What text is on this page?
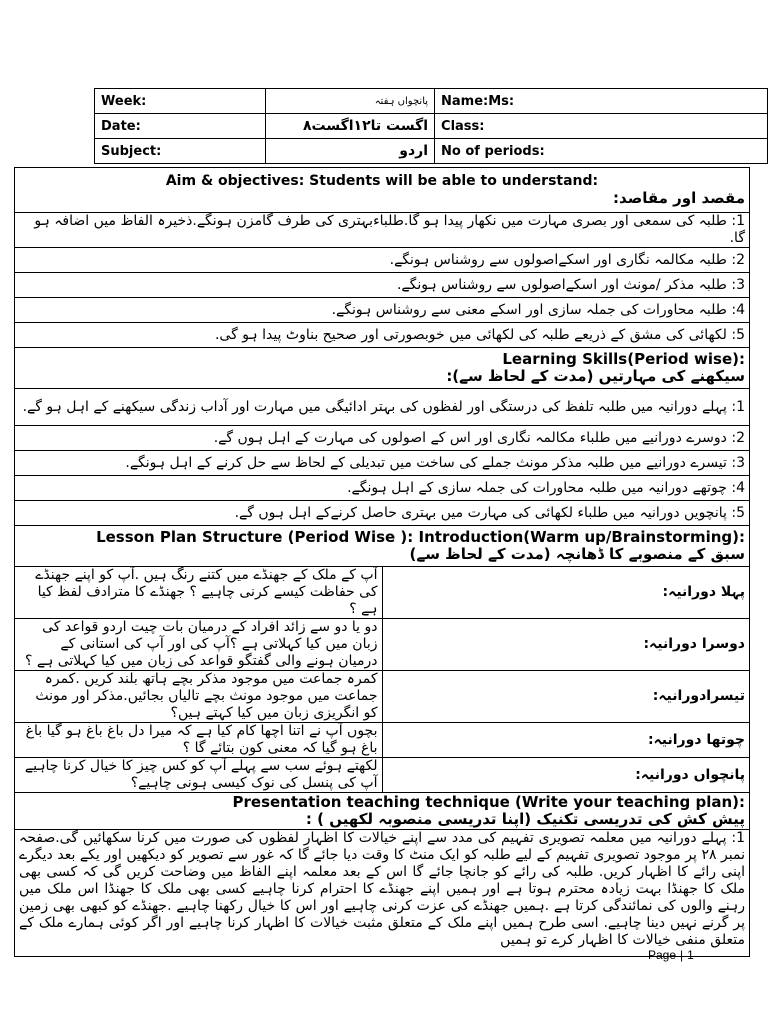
Week:	پانچواں ہفتہ	Name:Ms:
Date:	اگست تا۱۲اگست۸	Class:
Subject:	اردو	No of periods:
Aim & objectives: Students will be able to understand:
مقصد اور مقاصد:	

1: طلبہ کی سمعی اور بصری مہارت میں نکھار پیدا ہو گا.طلباءبہتری کی طرف گامزن ہونگے.ذخیرہ الفاظ میں اضافہ ہو گا.	
2: طلبہ مکالمہ نگاری اور اسکےاصولوں سے روشناس ہونگے.	
3: طلبہ مذکر /مونث اور اسکےاصولوں سے روشناس ہونگے.	
4: طلبہ محاورات کی جملہ سازی اور اسکے معنی سے روشناس ہونگے.	
5: لکھائی کی مشق کے ذریعے طلبہ کی لکھائی میں خوبصورتی اور صحیح بناوٹ پیدا ہو گی.	

Learning Skills(Period wise):
سیکھنے کی مہارتیں (مدت کے لحاظ سے):	

1: پہلے دورانیہ میں طلبہ تلفظ کی درستگی اور لفظوں کی بہتر ادائیگی میں مہارت اور آداب زندگی سیکھنے کے اہل ہو گے.	
2: دوسرے دورانیے میں طلباء مکالمہ نگاری اور اس کے اصولوں کی مہارت کے اہل ہوں گے.	
3: تیسرے دورانیے میں طلبہ مذکر مونث جملے کی ساخت میں تبدیلی کے لحاظ سے حل کرنے کے اہل ہونگے.	
4: چوتھے دورانیہ میں طلبہ محاورات کی جملہ سازی کے اہل ہونگے.	
5: پانچویں دورانیہ میں طلباء لکھائی کی مہارت میں بہتری حاصل کرنےکے اہل ہوں گے.	

Lesson Plan Structure (Period Wise ): Introduction(Warm up/Brainstorming):
سبق کے منصوبے کا ڈھانچہ (مدت کے لحاظ سے)	

آپ کے ملک کے جھنڈے میں کتنے رنگ ہیں .آپ کو اپنے جھنڈے کی حفاظت کیسے کرنی چاہیے ؟ جھنڈے کا مترادف لفظ کیا ہے ؟	پہلا دورانیہ:
دو یا دو سے زائد افراد کے درمیان بات چیت اردو قواعد کی زبان میں کیا کہلاتی ہے ؟آپ کی اور آپ کی استانی کے درمیان ہونے والی گفتگو قواعد کی زبان میں کیا کہلاتی ہے ؟	دوسرا دورانیہ:
کمرہ جماعت میں موجود مذکر بچے ہاتھ بلند کریں .کمرہ جماعت میں موجود مونث بچے تالیاں بجائیں.مذکر اور مونث کو انگریزی زبان میں کیا کہتے ہیں؟	تیسرادورانیہ:
بچوں آپ نے اتنا اچھا کام کیا ہے کہ میرا دل باغ باغ ہو گیا باغ باغ ہو گیا کہ معنی کون بتائے گا ؟	چوتھا دورانیہ:
لکھتے ہوئے سب سے پہلے آپ کو کس چیز کا خیال کرنا چاہیے آپ کی پنسل کی نوک کیسی ہونی چاہیے؟	پانچواں دورانیہ:

Presentation teaching technique (Write your teaching plan):
پیش کش کی تدریسی تکنیک (اپنا تدریسی منصوبہ لکھیں ) :	

1: پہلے دورانیہ میں معلمہ تصویری تفہیم کی مدد سے اپنے خیالات کا اظہار لفظوں کی صورت میں کرنا سکھائیں گی.صفحہ نمبر ۲۸ پر موجود تصویری تفہیم کے لیے طلبہ کو ایک منٹ کا وقت دیا جائے گا کہ غور سے تصویر کو دیکھیں اور یکے بعد دیگرے اپنی رائے کا اظہار کریں. طلبہ کی رائے کو جانچا جائے گا اس کے بعد معلمہ اپنے الفاظ میں وضاحت کریں گی کہ کسی بھی ملک کا جھنڈا بہت زیادہ محترم ہوتا ہے اور ہمیں اپنے جھنڈے کا احترام کرنا چاہیے کسی بھی ملک کا جھنڈا اس ملک میں رہنے والوں کی نمائندگی کرتا ہے .ہمیں جھنڈے کی عزت کرنی چاہیے اور اس کا خیال رکھنا چاہیے .جھنڈے کو کبھی بھی زمین پر گرنے نہیں دینا چاہیے. اسی طرح ہمیں اپنے ملک کے متعلق مثبت خیالات کا اظہار کرنا چاہیے اور اگر کوئی ہمارے ملک کے متعلق منفی خیالات کا اظہار کرے تو ہمیں	
Page | 1
